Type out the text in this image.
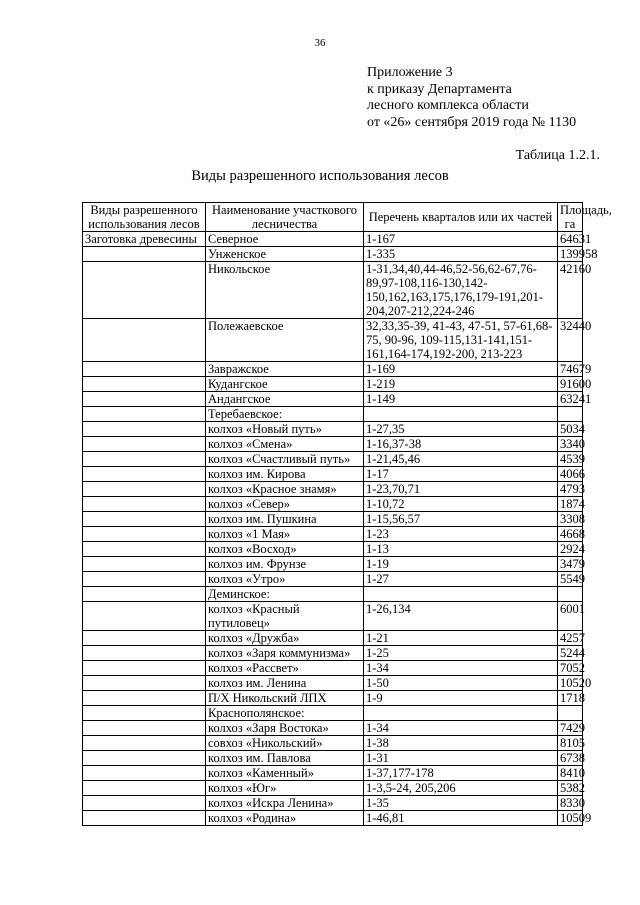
36
Приложение 3
к приказу Департамента
лесного комплекса области
от «26» сентября 2019 года № 1130
Таблица 1.2.1.
Виды разрешенного использования лесов
Виды разрешенного использования лесов	Наименование участкового лесничества	Перечень кварталов или их частей	Площадь, га
Заготовка древесины	Северное	1-167	64631
	Унженское	1-335	139958
	Никольское	1-31,34,40,44-46,52-56,62-67,76-89,97-108,116-130,142-150,162,163,175,176,179-191,201-204,207-212,224-246	42160
	Полежаевское	32,33,35-39, 41-43, 47-51, 57-61,68-75, 90-96, 109-115,131-141,151-161,164-174,192-200, 213-223	32440
	Завражское	1-169	74679
	Кудангское	1-219	91600
	Андангское	1-149	63241
	Теребаевское:		
	колхоз «Новый путь»	1-27,35	5034
	колхоз «Смена»	1-16,37-38	3340
	колхоз «Счастливый путь»	1-21,45,46	4539
	колхоз им. Кирова	1-17	4066
	колхоз «Красное знамя»	1-23,70,71	4793
	колхоз «Север»	1-10,72	1874
	колхоз им. Пушкина	1-15,56,57	3308
	колхоз «1 Мая»	1-23	4668
	колхоз «Восход»	1-13	2924
	колхоз им. Фрунзе	1-19	3479
	колхоз «Утро»	1-27	5549
	Деминское:		
	колхоз «Красный путиловец»	1-26,134	6001
	колхоз «Дружба»	1-21	4257
	колхоз «Заря коммунизма»	1-25	5244
	колхоз «Рассвет»	1-34	7052
	колхоз им. Ленина	1-50	10520
	П/Х Никольский ЛПХ	1-9	1718
	Краснополянское:		
	колхоз «Заря Востока»	1-34	7429
	совхоз «Никольский»	1-38	8105
	колхоз им. Павлова	1-31	6738
	колхоз «Каменный»	1-37,177-178	8410
	колхоз «Юг»	1-3,5-24, 205,206	5382
	колхоз «Искра Ленина»	1-35	8330
	колхоз «Родина»	1-46,81	10509
